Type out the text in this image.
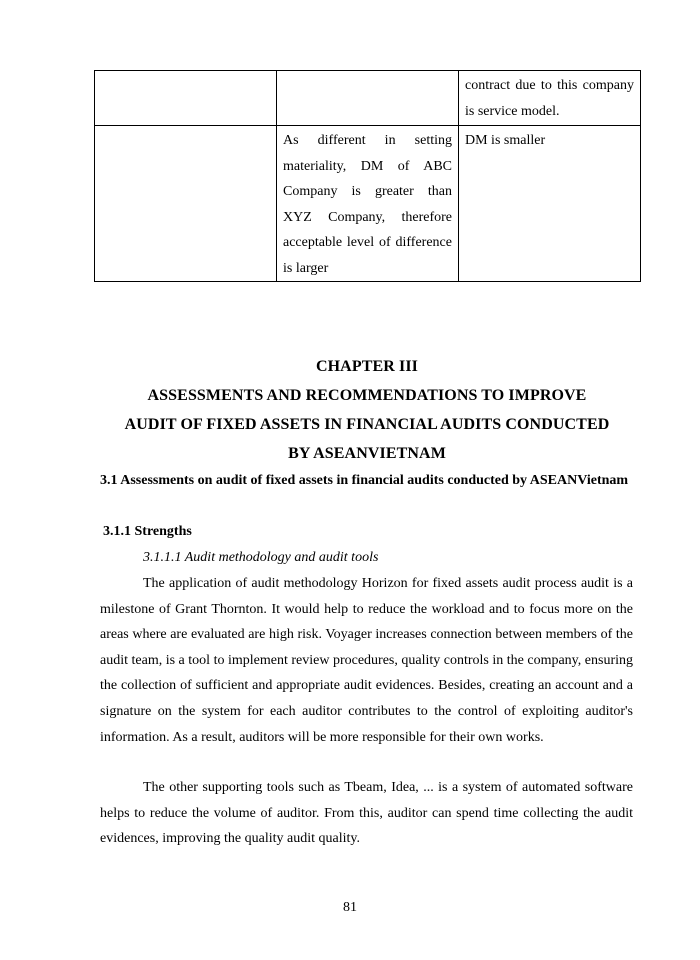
		contract due to this company is service model.
	As different in setting materiality, DM of ABC Company is greater than XYZ Company, therefore acceptable level of difference is larger	DM is smaller
CHAPTER III
ASSESSMENTS AND RECOMMENDATIONS TO IMPROVE
AUDIT OF FIXED ASSETS IN FINANCIAL AUDITS CONDUCTED
BY ASEANVIETNAM
3.1 Assessments on audit of fixed assets in financial audits conducted by ASEANVietnam
3.1.1 Strengths
3.1.1.1 Audit methodology and audit tools

The application of audit methodology Horizon for fixed assets audit process audit is a milestone of Grant Thornton. It would help to reduce the workload and to focus more on the areas where are evaluated are high risk. Voyager increases connection between members of the audit team, is a tool to implement review procedures, quality controls in the company, ensuring the collection of sufficient and appropriate audit evidences. Besides, creating an account and a signature on the system for each auditor contributes to the control of exploiting auditor's information. As a result, auditors will be more responsible for their own works.

The other supporting tools such as Tbeam, Idea, ... is a system of automated software helps to reduce the volume of auditor. From this, auditor can spend time collecting the audit evidences, improving the quality audit quality.

81
